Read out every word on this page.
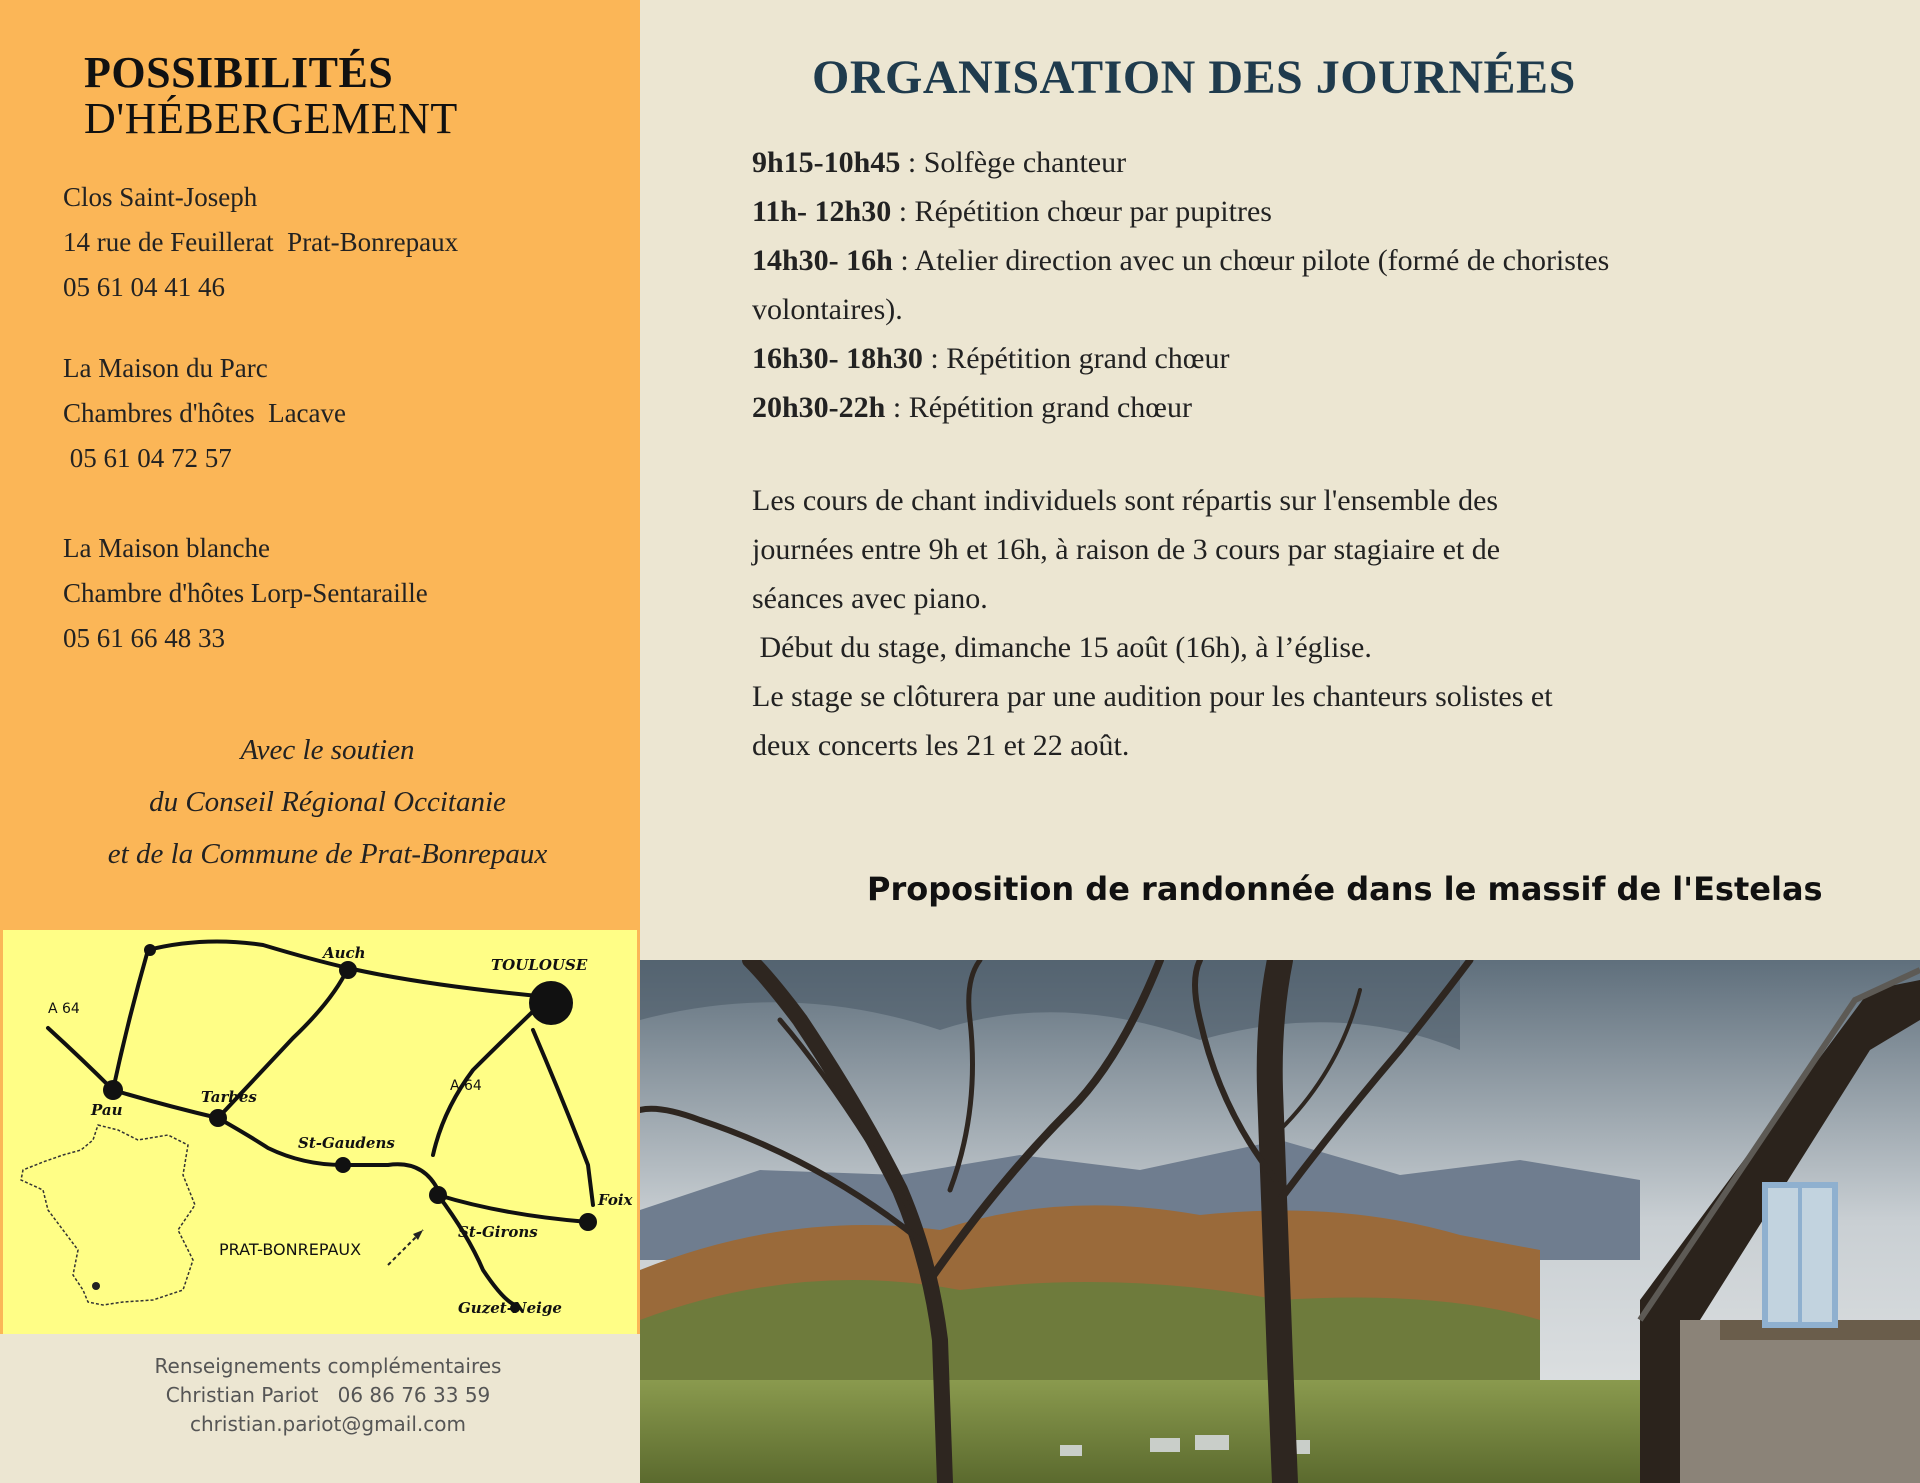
POSSIBILITÉS
D'HÉBERGEMENT
Clos Saint-Joseph
14 rue de Feuillerat  Prat-Bonrepaux
05 61 04 41 46
La Maison du Parc
Chambres d'hôtes  Lacave
05 61 04 72 57
La Maison blanche
Chambre d'hôtes Lorp-Sentaraille
05 61 66 48 33
Avec le soutien
du Conseil Régional Occitanie
et de la Commune de Prat-Bonrepaux
Auch
TOULOUSE
Pau
Tarbes
St-Gaudens
Foix
St-Girons
Guzet-Neige
A 64
A 64
PRAT-BONREPAUX
Renseignements complémentaires
Christian Pariot   06 86 76 33 59
christian.pariot@gmail.com
ORGANISATION DES JOURNÉES
9h15-10h45 : Solfège chanteur
11h- 12h30 : Répétition chœur par pupitres
14h30- 16h : Atelier direction avec un chœur pilote (formé de choristes volontaires).
16h30- 18h30 : Répétition grand chœur
20h30-22h : Répétition grand chœur
Les cours de chant individuels sont répartis sur l'ensemble des
journées entre 9h et 16h, à raison de 3 cours par stagiaire et de
séances avec piano.
Début du stage, dimanche 15 août (16h), à l’église.
Le stage se clôturera par une audition pour les chanteurs solistes et
deux concerts les 21 et 22 août.
Proposition de randonnée dans le massif de l'Estelas
